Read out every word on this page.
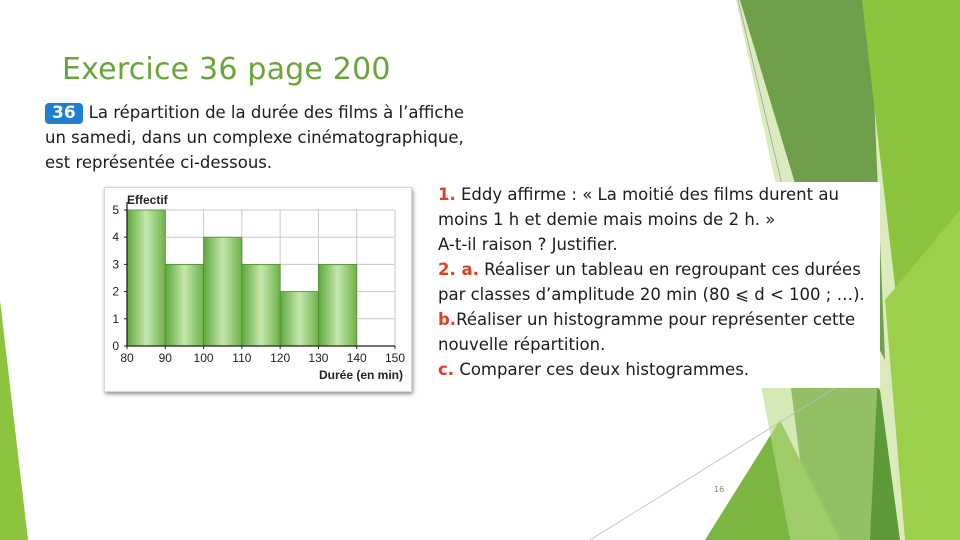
Exercice 36 page 200
36 La répartition de la durée des films à l’affiche un samedi, dans un complexe cinématographique, est représentée ci-dessous.
0
1
2
3
4
5
80 90 100 110 120 130 140 150
Effectif
Durée (en min)

1. Eddy affirme : « La moitié des films durent au moins 1 h et demie mais moins de 2 h. »

A-t-il raison ? Justifier.

2. a. Réaliser un tableau en regroupant ces durées par classes d’amplitude 20 min (80 ⩽ d < 100 ; …).

b.Réaliser un histogramme pour représenter cette nouvelle répartition.

c. Comparer ces deux histogrammes.

16
